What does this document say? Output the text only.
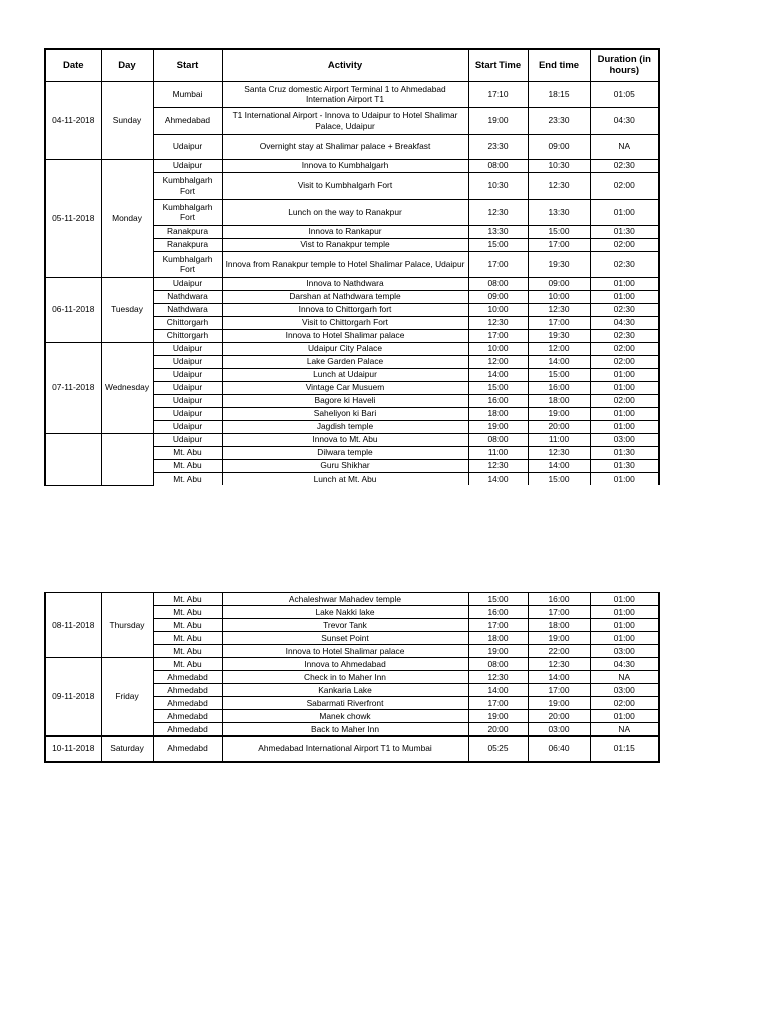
Date	Day	Start	Activity	Start Time	End time	Duration (in hours)
04-11-2018	Sunday	Mumbai	Santa Cruz domestic Airport Terminal 1 to Ahmedabad Internation Airport T1	17:10	18:15	01:05
		Ahmedabad	T1 International Airport - Innova to Udaipur to Hotel Shalimar Palace, Udaipur	19:00	23:30	04:30
		Udaipur	Overnight stay at Shalimar palace + Breakfast	23:30	09:00	NA
05-11-2018	Monday	Udaipur	Innova to Kumbhalgarh	08:00	10:30	02:30
		Kumbhalgarh Fort	Visit to Kumbhalgarh Fort	10:30	12:30	02:00
		Kumbhalgarh Fort	Lunch on the way to Ranakpur	12:30	13:30	01:00
		Ranakpura	Innova to Rankapur	13:30	15:00	01:30
		Ranakpura	Vist to Ranakpur temple	15:00	17:00	02:00
		Kumbhalgarh Fort	Innova from Ranakpur temple to Hotel Shalimar Palace, Udaipur	17:00	19:30	02:30
06-11-2018	Tuesday	Udaipur	Innova to Nathdwara	08:00	09:00	01:00
		Nathdwara	Darshan at Nathdwara temple	09:00	10:00	01:00
		Nathdwara	Innova to Chittorgarh fort	10:00	12:30	02:30
		Chittorgarh	Visit to Chittorgarh Fort	12:30	17:00	04:30
		Chittorgarh	Innova to Hotel Shalimar palace	17:00	19:30	02:30
07-11-2018	Wednesday	Udaipur	Udaipur City Palace	10:00	12:00	02:00
		Udaipur	Lake Garden Palace	12:00	14:00	02:00
		Udaipur	Lunch at Udaipur	14:00	15:00	01:00
		Udaipur	Vintage Car Musuem	15:00	16:00	01:00
		Udaipur	Bagore ki Haveli	16:00	18:00	02:00
		Udaipur	Saheliyon ki Bari	18:00	19:00	01:00
		Udaipur	Jagdish temple	19:00	20:00	01:00
		Udaipur	Innova to Mt. Abu	08:00	11:00	03:00
		Mt. Abu	Dilwara temple	11:00	12:30	01:30
		Mt. Abu	Guru Shikhar	12:30	14:00	01:30
		Mt. Abu	Lunch at Mt. Abu	14:00	15:00	01:00
08-11-2018	Thursday	Mt. Abu	Achaleshwar Mahadev temple	15:00	16:00	01:00
		Mt. Abu	Lake Nakki lake	16:00	17:00	01:00
		Mt. Abu	Trevor Tank	17:00	18:00	01:00
		Mt. Abu	Sunset Point	18:00	19:00	01:00
		Mt. Abu	Innova to Hotel Shalimar palace	19:00	22:00	03:00
09-11-2018	Friday	Mt. Abu	Innova to Ahmedabad	08:00	12:30	04:30
		Ahmedabd	Check in to Maher Inn	12:30	14:00	NA
		Ahmedabd	Kankaria Lake	14:00	17:00	03:00
		Ahmedabd	Sabarmati Riverfront	17:00	19:00	02:00
		Ahmedabd	Manek chowk	19:00	20:00	01:00
		Ahmedabd	Back to Maher Inn	20:00	03:00	NA
10-11-2018	Saturday	Ahmedabd	Ahmedabad International Airport T1 to Mumbai	05:25	06:40	01:15
